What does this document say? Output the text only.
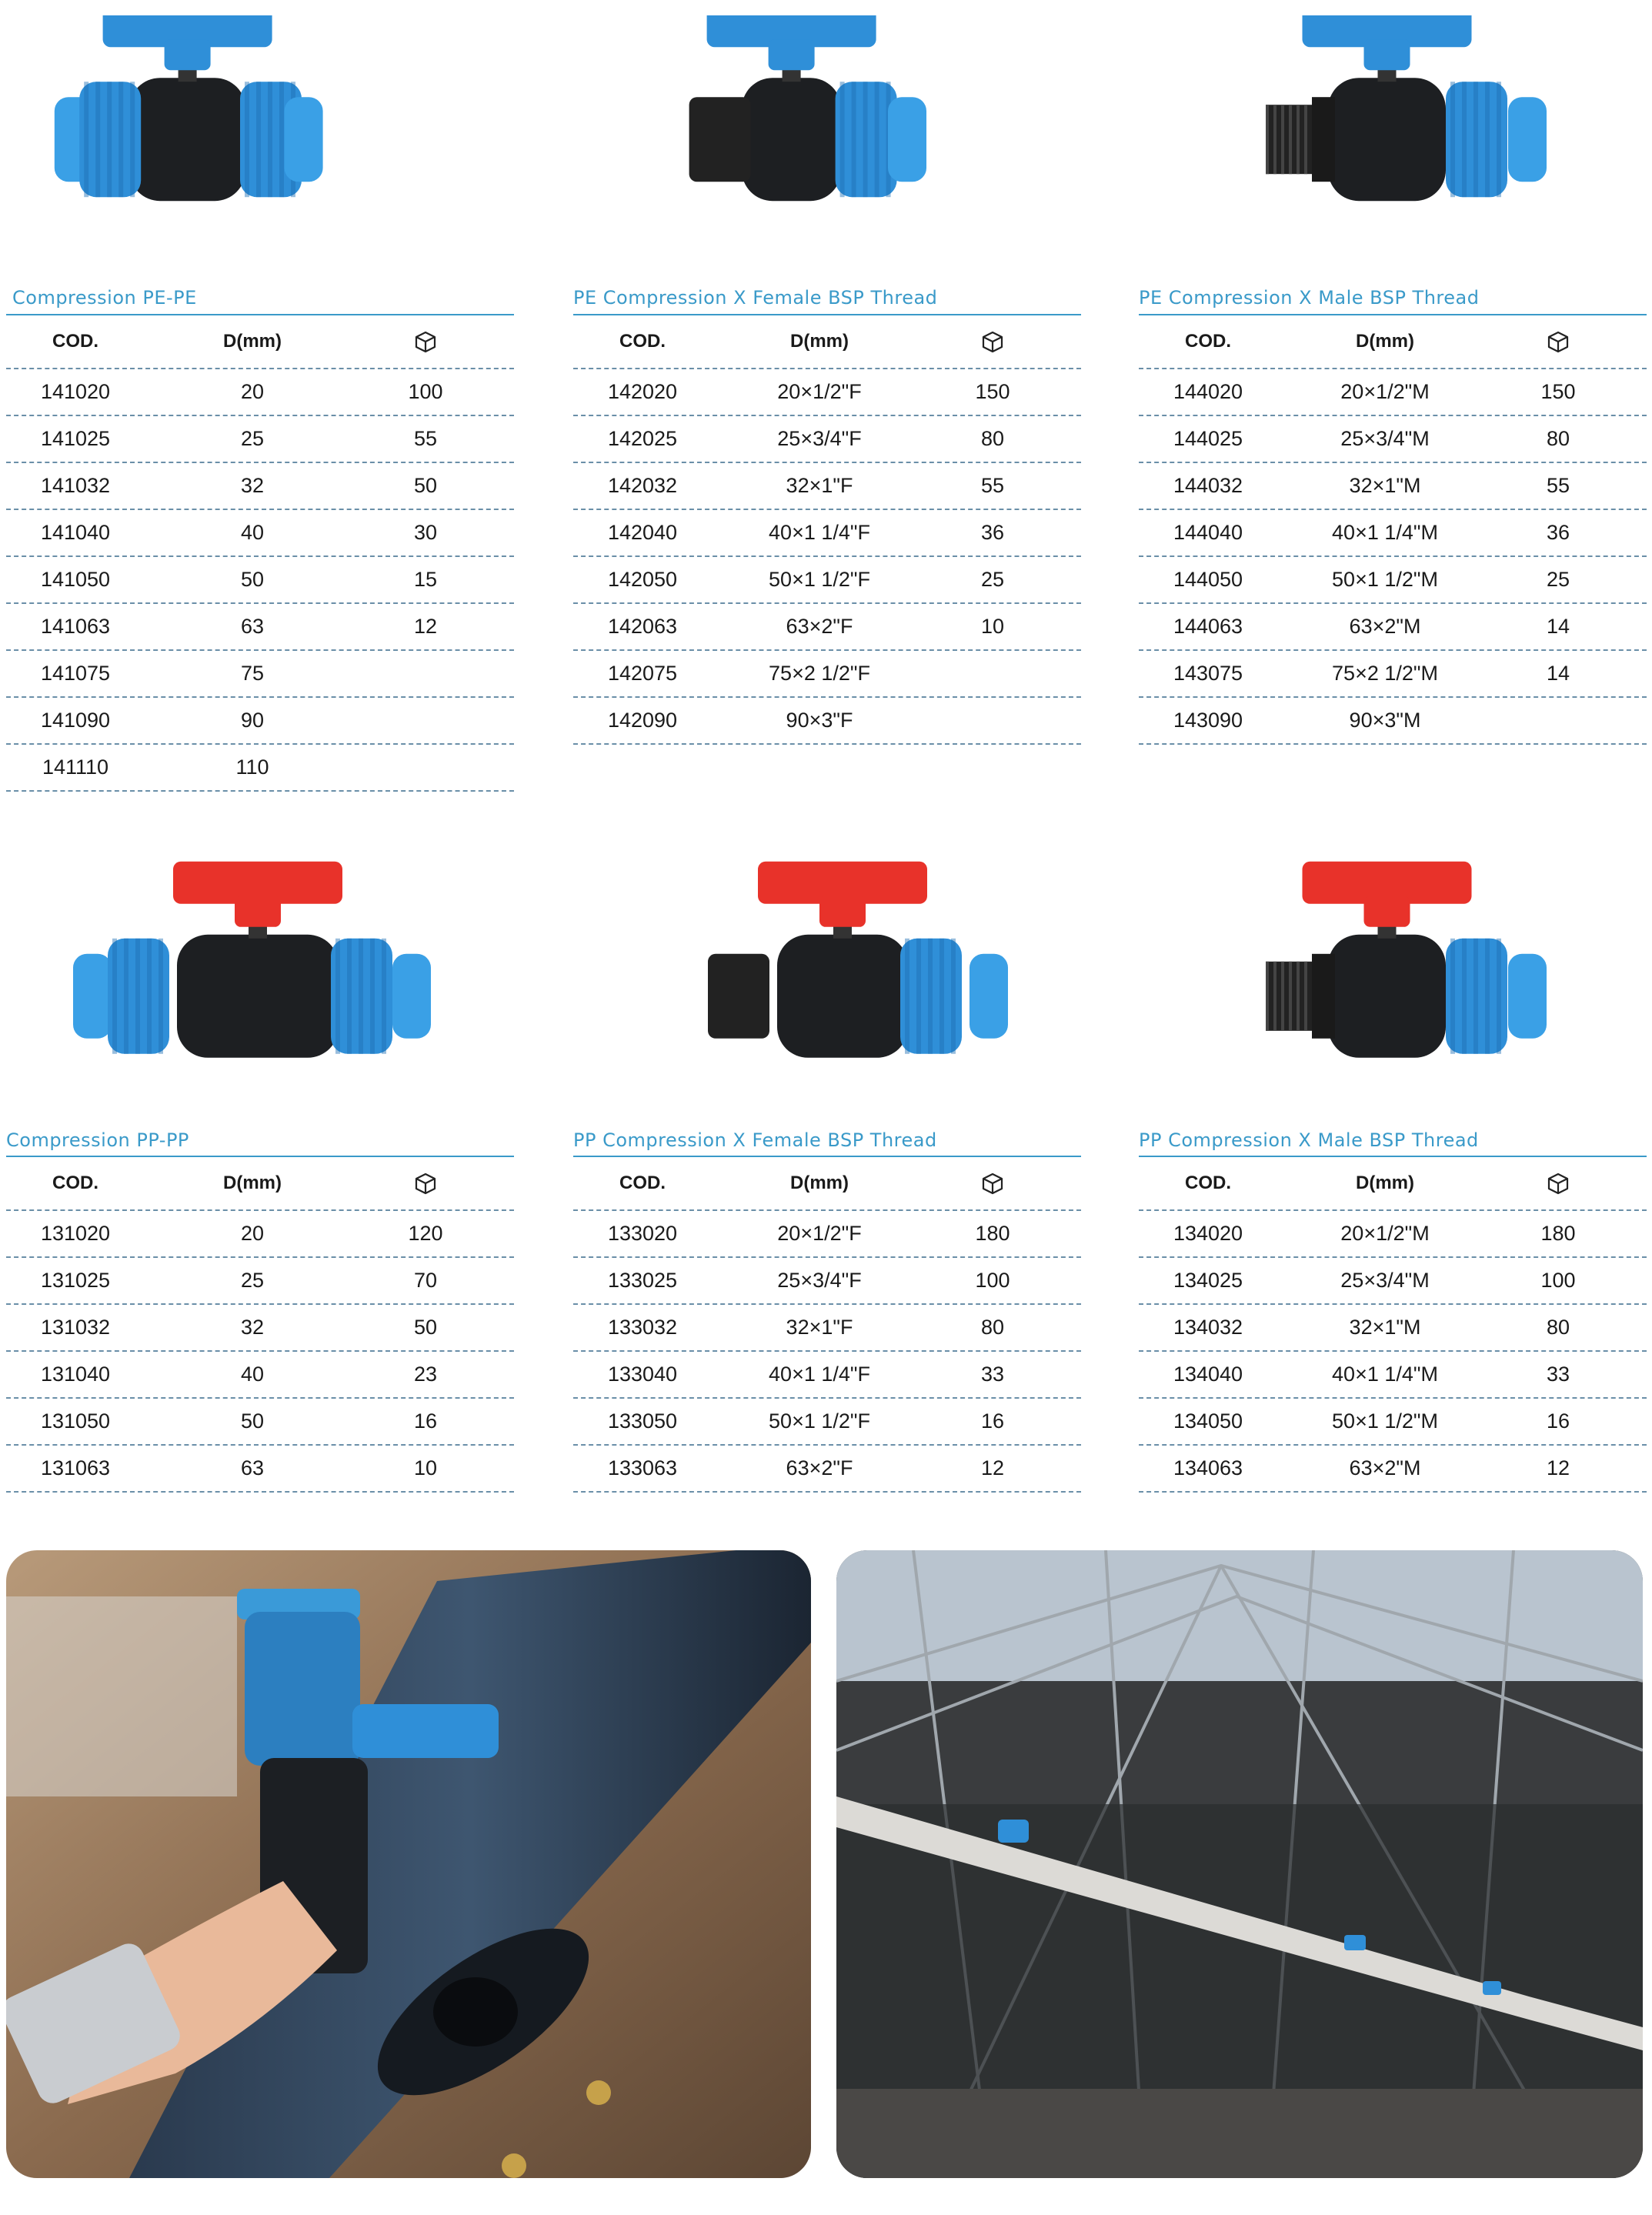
Compression PE-PE
COD.	D(mm)
141020	20	100
141025	25	55
141032	32	50
141040	40	30
141050	50	15
141063	63	12
141075	75
141090	90
141110	110
PE Compression X Female BSP Thread
COD.	D(mm)
142020	20×1/2"F	150
142025	25×3/4"F	80
142032	32×1"F	55
142040	40×1 1/4"F	36
142050	50×1 1/2"F	25
142063	63×2"F	10
142075	75×2 1/2"F
142090	90×3"F
PE Compression X Male BSP Thread
COD.	D(mm)
144020	20×1/2"M	150
144025	25×3/4"M	80
144032	32×1"M	55
144040	40×1 1/4"M	36
144050	50×1 1/2"M	25
144063	63×2"M	14
143075	75×2 1/2"M	14
143090	90×3"M
Compression PP-PP
COD.	D(mm)
131020	20	120
131025	25	70
131032	32	50
131040	40	23
131050	50	16
131063	63	10
PP Compression X Female BSP Thread
COD.	D(mm)
133020	20×1/2"F	180
133025	25×3/4"F	100
133032	32×1"F	80
133040	40×1 1/4"F	33
133050	50×1 1/2"F	16
133063	63×2"F	12
PP Compression X Male BSP Thread
COD.	D(mm)
134020	20×1/2"M	180
134025	25×3/4"M	100
134032	32×1"M	80
134040	40×1 1/4"M	33
134050	50×1 1/2"M	16
134063	63×2"M	12
